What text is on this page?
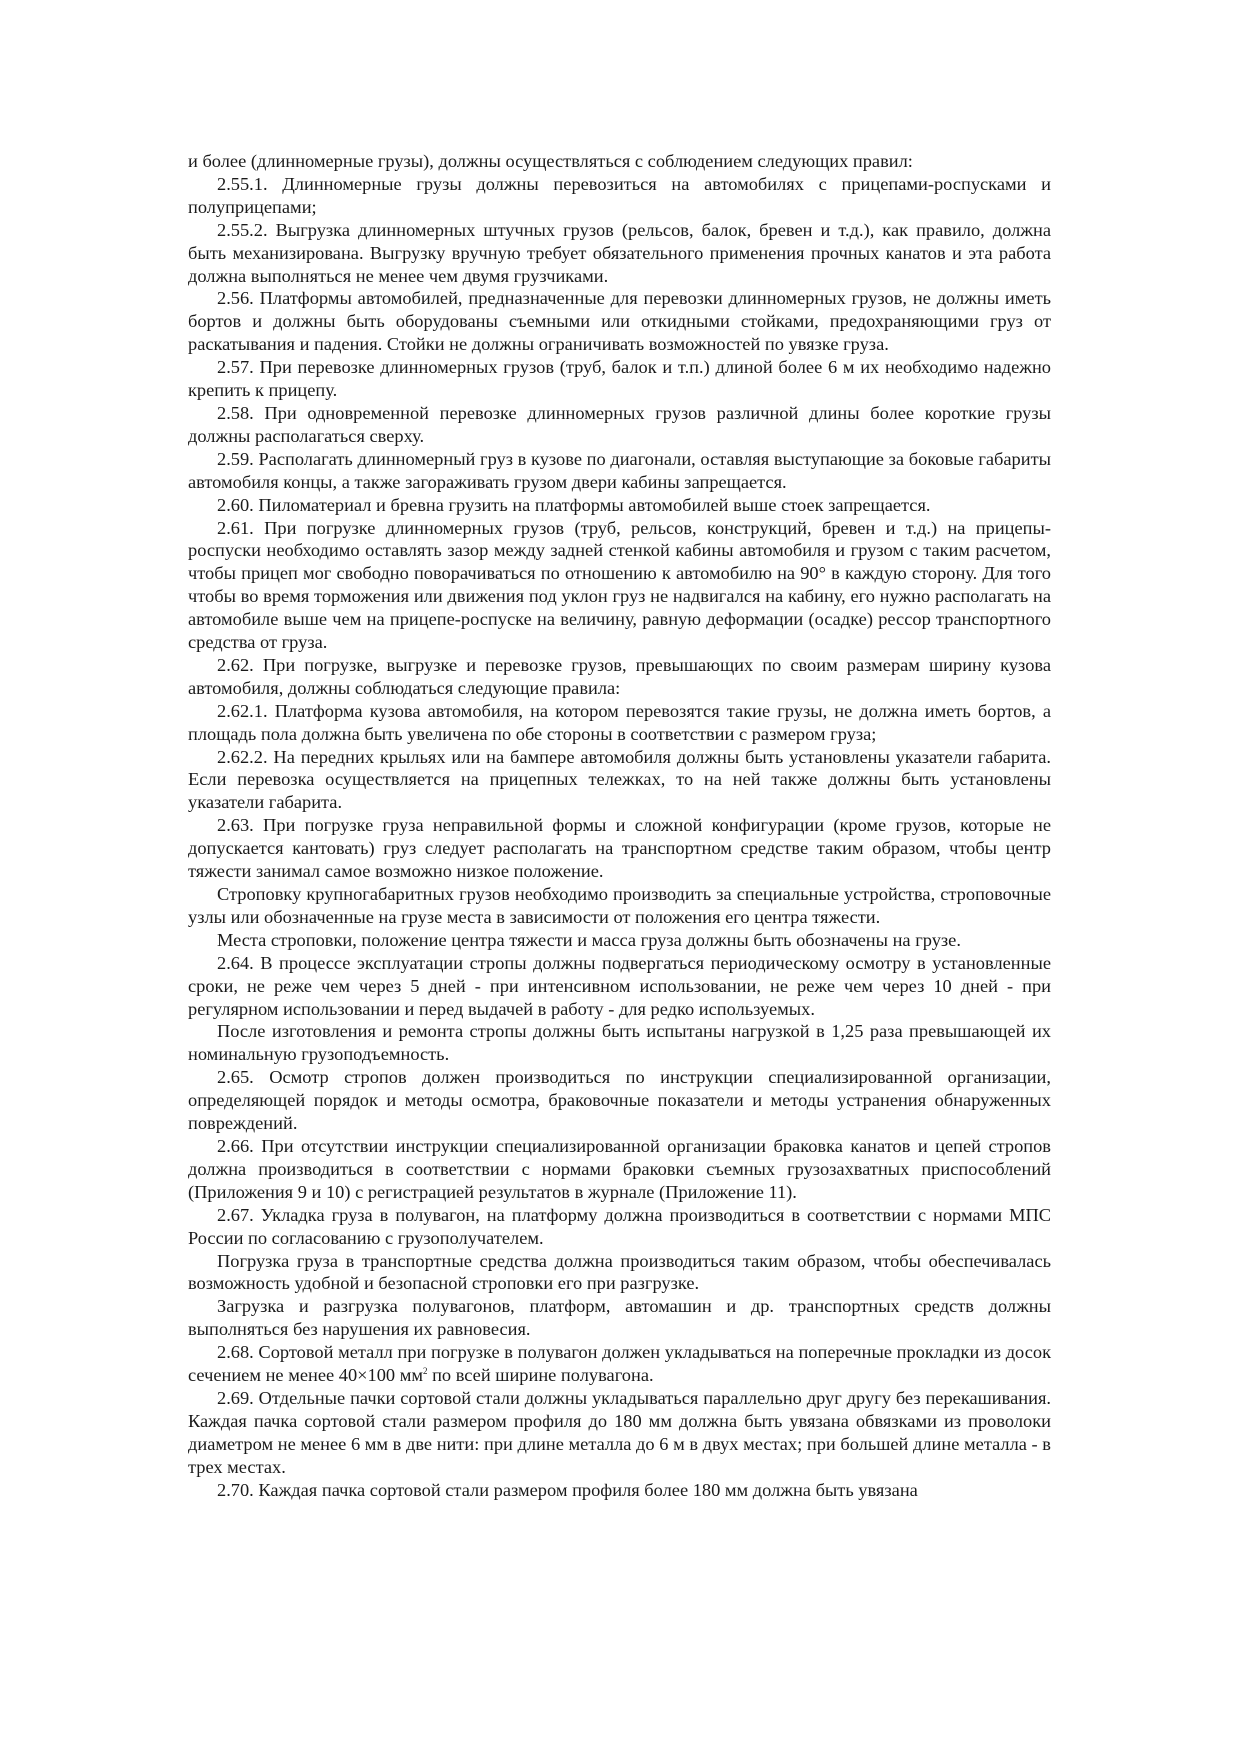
и более (длинномерные грузы), должны осуществляться с соблюдением следующих правил:

2.55.1. Длинномерные грузы должны перевозиться на автомобилях с прицепами-роспусками и полуприцепами;

2.55.2. Выгрузка длинномерных штучных грузов (рельсов, балок, бревен и т.д.), как правило, должна быть механизирована. Выгрузку вручную требует обязательного применения прочных канатов и эта работа должна выполняться не менее чем двумя грузчиками.

2.56. Платформы автомобилей, предназначенные для перевозки длинномерных грузов, не должны иметь бортов и должны быть оборудованы съемными или откидными стойками, предохраняющими груз от раскатывания и падения. Стойки не должны ограничивать возможностей по увязке груза.

2.57. При перевозке длинномерных грузов (труб, балок и т.п.) длиной более 6 м их необходимо надежно крепить к прицепу.

2.58. При одновременной перевозке длинномерных грузов различной длины более короткие грузы должны располагаться сверху.

2.59. Располагать длинномерный груз в кузове по диагонали, оставляя выступающие за боковые габариты автомобиля концы, а также загораживать грузом двери кабины запрещается.

2.60. Пиломатериал и бревна грузить на платформы автомобилей выше стоек запрещается.

2.61. При погрузке длинномерных грузов (труб, рельсов, конструкций, бревен и т.д.) на прицепы-роспуски необходимо оставлять зазор между задней стенкой кабины автомобиля и грузом с таким расчетом, чтобы прицеп мог свободно поворачиваться по отношению к автомобилю на 90° в каждую сторону. Для того чтобы во время торможения или движения под уклон груз не надвигался на кабину, его нужно располагать на автомобиле выше чем на прицепе-роспуске на величину, равную деформации (осадке) рессор транспортного средства от груза.

2.62. При погрузке, выгрузке и перевозке грузов, превышающих по своим размерам ширину кузова автомобиля, должны соблюдаться следующие правила:

2.62.1. Платформа кузова автомобиля, на котором перевозятся такие грузы, не должна иметь бортов, а площадь пола должна быть увеличена по обе стороны в соответствии с размером груза;

2.62.2. На передних крыльях или на бампере автомобиля должны быть установлены указатели габарита. Если перевозка осуществляется на прицепных тележках, то на ней также должны быть установлены указатели габарита.

2.63. При погрузке груза неправильной формы и сложной конфигурации (кроме грузов, которые не допускается кантовать) груз следует располагать на транспортном средстве таким образом, чтобы центр тяжести занимал самое возможно низкое положение.

Строповку крупногабаритных грузов необходимо производить за специальные устройства, строповочные узлы или обозначенные на грузе места в зависимости от положения его центра тяжести.

Места строповки, положение центра тяжести и масса груза должны быть обозначены на грузе.

2.64. В процессе эксплуатации стропы должны подвергаться периодическому осмотру в установленные сроки, не реже чем через 5 дней - при интенсивном использовании, не реже чем через 10 дней - при регулярном использовании и перед выдачей в работу - для редко используемых.

После изготовления и ремонта стропы должны быть испытаны нагрузкой в 1,25 раза превышающей их номинальную грузоподъемность.

2.65. Осмотр стропов должен производиться по инструкции специализированной организации, определяющей порядок и методы осмотра, браковочные показатели и методы устранения обнаруженных повреждений.

2.66. При отсутствии инструкции специализированной организации браковка канатов и цепей стропов должна производиться в соответствии с нормами браковки съемных грузозахватных приспособлений (Приложения 9 и 10) с регистрацией результатов в журнале (Приложение 11).

2.67. Укладка груза в полувагон, на платформу должна производиться в соответствии с нормами МПС России по согласованию с грузополучателем.

Погрузка груза в транспортные средства должна производиться таким образом, чтобы обеспечивалась возможность удобной и безопасной строповки его при разгрузке.

Загрузка и разгрузка полувагонов, платформ, автомашин и др. транспортных средств должны выполняться без нарушения их равновесия.

2.68. Сортовой металл при погрузке в полувагон должен укладываться на поперечные прокладки из досок сечением не менее 40×100 $мм^2$ по всей ширине полувагона.

2.69. Отдельные пачки сортовой стали должны укладываться параллельно друг другу без перекашивания. Каждая пачка сортовой стали размером профиля до 180 мм должна быть увязана обвязками из проволоки диаметром не менее 6 мм в две нити: при длине металла до 6 м в двух местах; при большей длине металла - в трех местах.

2.70. Каждая пачка сортовой стали размером профиля более 180 мм должна быть увязана
